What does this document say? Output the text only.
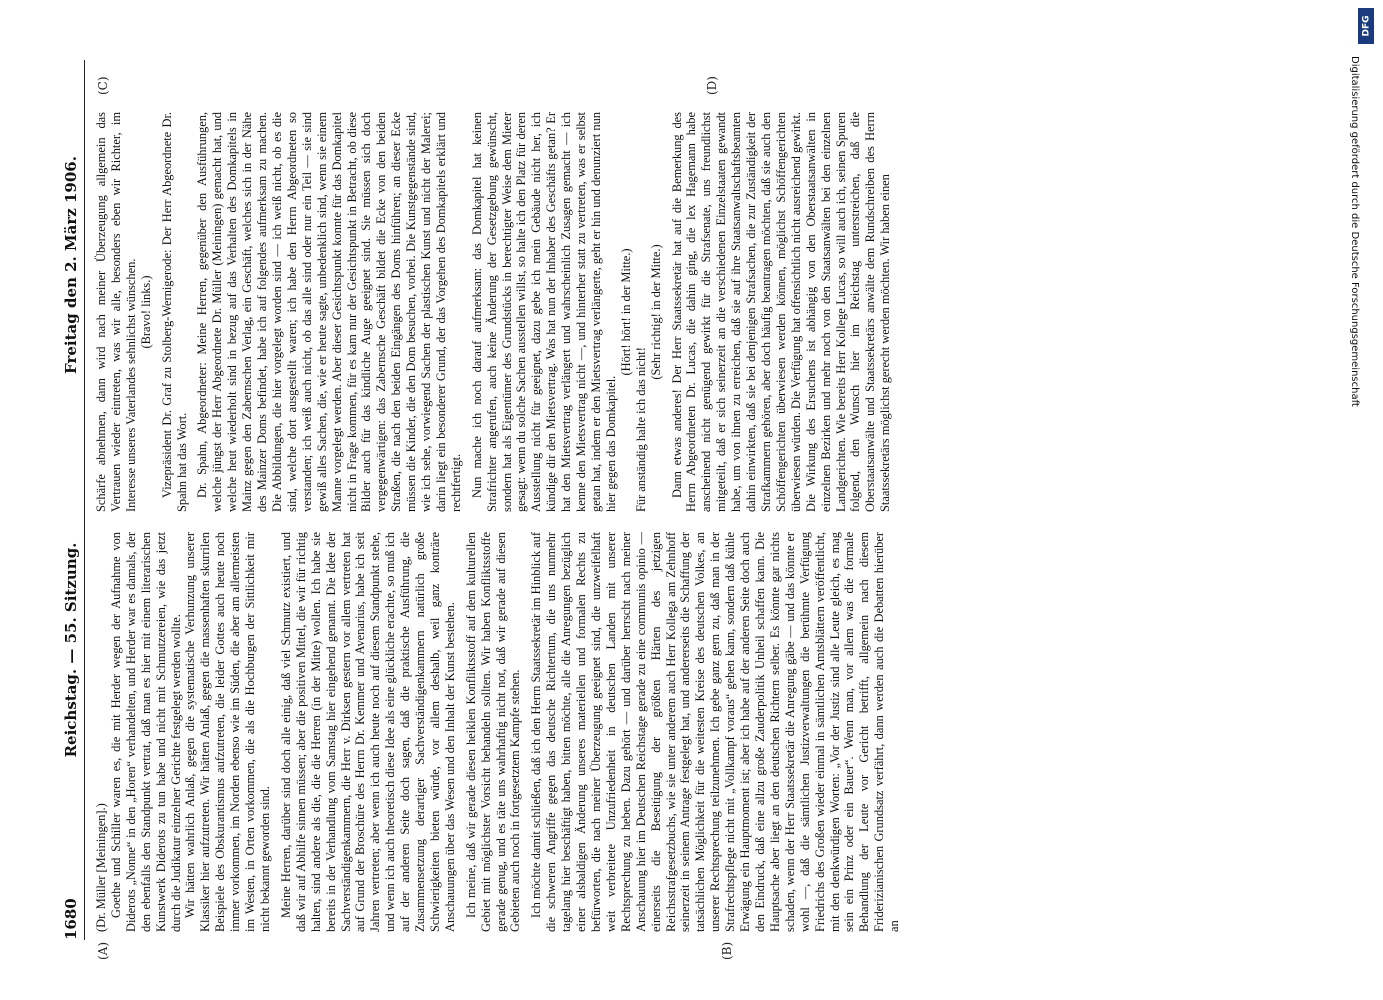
1680
Reichstag. — 55. Sitzung.
Freitag den 2. März 1906.
(A)	(B)
(C)	(D)

(Dr. Müller [Meiningen].) Goethe und Schiller waren es, die mit Herder wegen der Aufnahme von Diderots „Nonne“ in den „Horen“ verhandelten, und Herder war es damals, der den ebenfalls den Standpunkt vertrat, daß man es hier mit einem literarischen Kunstwerk Diderots zu tun habe und nicht mit Schmutzereien, wie das jetzt durch die Judikatur einzelner Gerichte festgelegt werden wollte. Wir hätten wahrlich Anlaß, gegen die systematische Verhunzung unserer Klassiker hier aufzutreten. Wir hätten Anlaß, gegen die massenhaften skurrilen Beispiele des Obskurantismus aufzutreten, die leider Gottes auch heute noch immer vorkommen, im Norden ebenso wie im Süden, die aber am allermeisten im Westen, in Orten vorkommen, die als die Hochburgen der Sittlichkeit mir nicht bekannt geworden sind. Meine Herren, darüber sind doch alle einig, daß viel Schmutz existiert, und daß wir auf Abhilfe sinnen müssen; aber die positiven Mittel, die wir für richtig halten, sind andere als die, die die Herren (in der Mitte) wollen. Ich habe sie bereits in der Verhandlung vom Samstag hier eingehend genannt. Die Idee der Sachverständigenkammern, die Herr v. Dirksen gestern vor allem vertreten hat auf Grund der Broschüre des Herrn Dr. Kemmer und Avenarius, habe ich seit Jahren vertreten; aber wenn ich auch heute noch auf diesem Standpunkt stehe, und wenn ich auch theoretisch diese Idee als eine glückliche erachte, so muß ich auf der anderen Seite doch sagen, daß die praktische Ausführung, die Zusammensetzung derartiger Sachverständigenkammern natürlich große Schwierigkeiten bieten würde, vor allem deshalb, weil ganz konträre Anschauungen über das Wesen und den Inhalt der Kunst bestehen. Ich meine, daß wir gerade diesen heiklen Konfliktsstoff auf dem kulturellen Gebiet mit möglichster Vorsicht behandeln sollten. Wir haben Konfliktsstoffe gerade genug, und es täte uns wahrhaftig nicht not, daß wir gerade auf diesen Gebieten auch noch in fortgesetztem Kampfe stehen. Ich möchte damit schließen, daß ich den Herrn Staatssekretär im Hinblick auf die schweren Angriffe gegen das deutsche Richtertum, die uns nunmehr tagelang hier beschäftigt haben, bitten möchte, alle die Anregungen bezüglich einer alsbaldigen Änderung unseres materiellen und formalen Rechts zu befürworten, die nach meiner Überzeugung geeignet sind, die unzweifelhaft weit verbreitete Unzufriedenheit in deutschen Landen mit unserer Rechtsprechung zu heben. Dazu gehört — und darüber herrscht nach meiner Anschauung hier im Deutschen Reichstage gerade zu eine communis opinio — einerseits die Beseitigung der größten Härten des jetzigen Reichsstrafgesetzbuchs, wie sie unter anderem auch Herr Kollega am Zehnhoff seinerzeit in seinem Antrage festgelegt hat, und andererseits die Schaffung der tatsächlichen Möglichkeit für die weitesten Kreise des deutschen Volkes, an unserer Rechtsprechung teilzunehmen. Ich gebe ganz gern zu, daß man in der Strafrechtspflege nicht mit „Vollkampf voraus“ gehen kann, sondern daß kühle Erwägung ein Hauptmoment ist; aber ich habe auf der anderen Seite doch auch den Eindruck, daß eine allzu große Zauderpolitik Unheil schaffen kann. Die Hauptsache aber liegt an den deutschen Richtern selber. Es könnte gar nichts schaden, wenn der Herr Staatssekretär die Anregung gäbe — und das könnte er wohl —, daß die sämtlichen Justizverwaltungen die berühmte Verfügung Friedrichs des Großen wieder einmal in sämtlichen Amtsblättern veröffentlicht, mit den denkwürdigen Worten: „Vor der Justiz sind alle Leute gleich, es mag sein ein Prinz oder ein Bauer“. Wenn man, vor allem was die formale Behandlung der Leute vor Gericht betrifft, allgemein nach diesem Friderizianischen Grundsatz verfährt, dann werden auch die Debatten hierüber an

Schärfe abnehmen, dann wird nach meiner Überzeugung allgemein das Vertrauen wieder eintreten, was wir alle, besonders eben wir Richter, im Interesse unseres Vaterlandes sehnlichst wünschen. (Bravo! links.) Vizepräsident Dr. Graf zu Stolberg-Wernigerode: Der Herr Abgeordnete Dr. Spahn hat das Wort. Dr. Spahn, Abgeordneter: Meine Herren, gegenüber den Ausführungen, welche jüngst der Herr Abgeordnete Dr. Müller (Meiningen) gemacht hat, und welche heut wiederholt sind in bezug auf das Verhalten des Domkapitels in Mainz gegen den Zabernschen Verlag, ein Geschäft, welches sich in der Nähe des Mainzer Doms befindet, habe ich auf folgendes aufmerksam zu machen. Die Abbildungen, die hier vorgelegt worden sind — ich weiß nicht, ob es die sind, welche dort ausgestellt waren; ich habe den Herrn Abgeordneten so verstanden; ich weiß auch nicht, ob das alle sind oder nur ein Teil — sie sind gewiß alles Sachen, die, wie er heute sagte, unbedenklich sind, wenn sie einem Manne vorgelegt werden. Aber dieser Gesichtspunkt konnte für das Domkapitel nicht in Frage kommen, für es kam nur der Gesichtspunkt in Betracht, ob diese Bilder auch für das kindliche Auge geeignet sind. Sie müssen sich doch vergegenwärtigen: das Zabernsche Geschäft bildet die Ecke von den beiden Straßen, die nach den beiden Eingängen des Doms hinführen; an dieser Ecke müssen die Kinder, die den Dom besuchen, vorbei. Die Kunstgegenstände sind, wie ich sehe, vorwiegend Sachen der plastischen Kunst und nicht der Malerei; darin liegt ein besonderer Grund, der das Vorgehen des Domkapitels erklärt und rechtfertigt. Nun mache ich noch darauf aufmerksam: das Domkapitel hat keinen Strafrichter angerufen, auch keine Änderung der Gesetzgebung gewünscht, sondern hat als Eigentümer des Grundstücks in berechtigter Weise dem Mieter gesagt: wenn du solche Sachen ausstellen willst, so halte ich den Platz für deren Ausstellung nicht für geeignet, dazu gebe ich mein Gebäude nicht her, ich kündige dir den Mietsvertrag. Was hat nun der Inhaber des Geschäfts getan? Er hat den Mietsvertrag verlängert und wahrscheinlich Zusagen gemacht — ich kenne den Mietsvertrag nicht —, und hinterher statt zu vertreten, was er selbst getan hat, indem er den Mietsvertrag verlängerte, geht er hin und denunziert nun hier gegen das Domkapitel.

(Hört! hört! in der Mitte.)

Für anständig halte ich das nicht!

(Sehr richtig! in der Mitte.) Dann etwas anderes! Der Herr Staatssekretär hat auf die Bemerkung des Herrn Abgeordneten Dr. Lucas, die dahin ging, die lex Hagemann habe anscheinend nicht genügend gewirkt für die Strafsenate, uns freundlichst mitgeteilt, daß er sich seinerzeit an die verschiedenen Einzelstaaten gewandt habe, um von ihnen zu erreichen, daß sie auf ihre Staatsanwaltschaftsbeamten dahin einwirkten, daß sie bei denjenigen Strafsachen, die zur Zuständigkeit der Strafkammern gehören, aber doch häufig beantragen möchten, daß sie auch den Schöffengerichten überwiesen werden können, möglichst Schöffengerichten überwiesen würden. Die Verfügung hat offensichtlich nicht ausreichend gewirkt. Die Wirkung des Ersuchens ist abhängig von den Oberstaatsanwälten in einzelnen Bezirken und mehr noch von den Staatsanwälten bei den einzelnen Landgerichten. Wie bereits Herr Kollege Lucas, so will auch ich, seinen Spuren folgend, den Wunsch hier im Reichstag unterstreichen, daß die Oberstaatsanwälte und Staatssekretärs anwälte dem Rundschreiben des Herrn Staatssekretärs möglichst gerecht werden möchten. Wir haben einen

DFG
Digitalisierung gefördert durch die Deutsche Forschungsgemeinschaft
